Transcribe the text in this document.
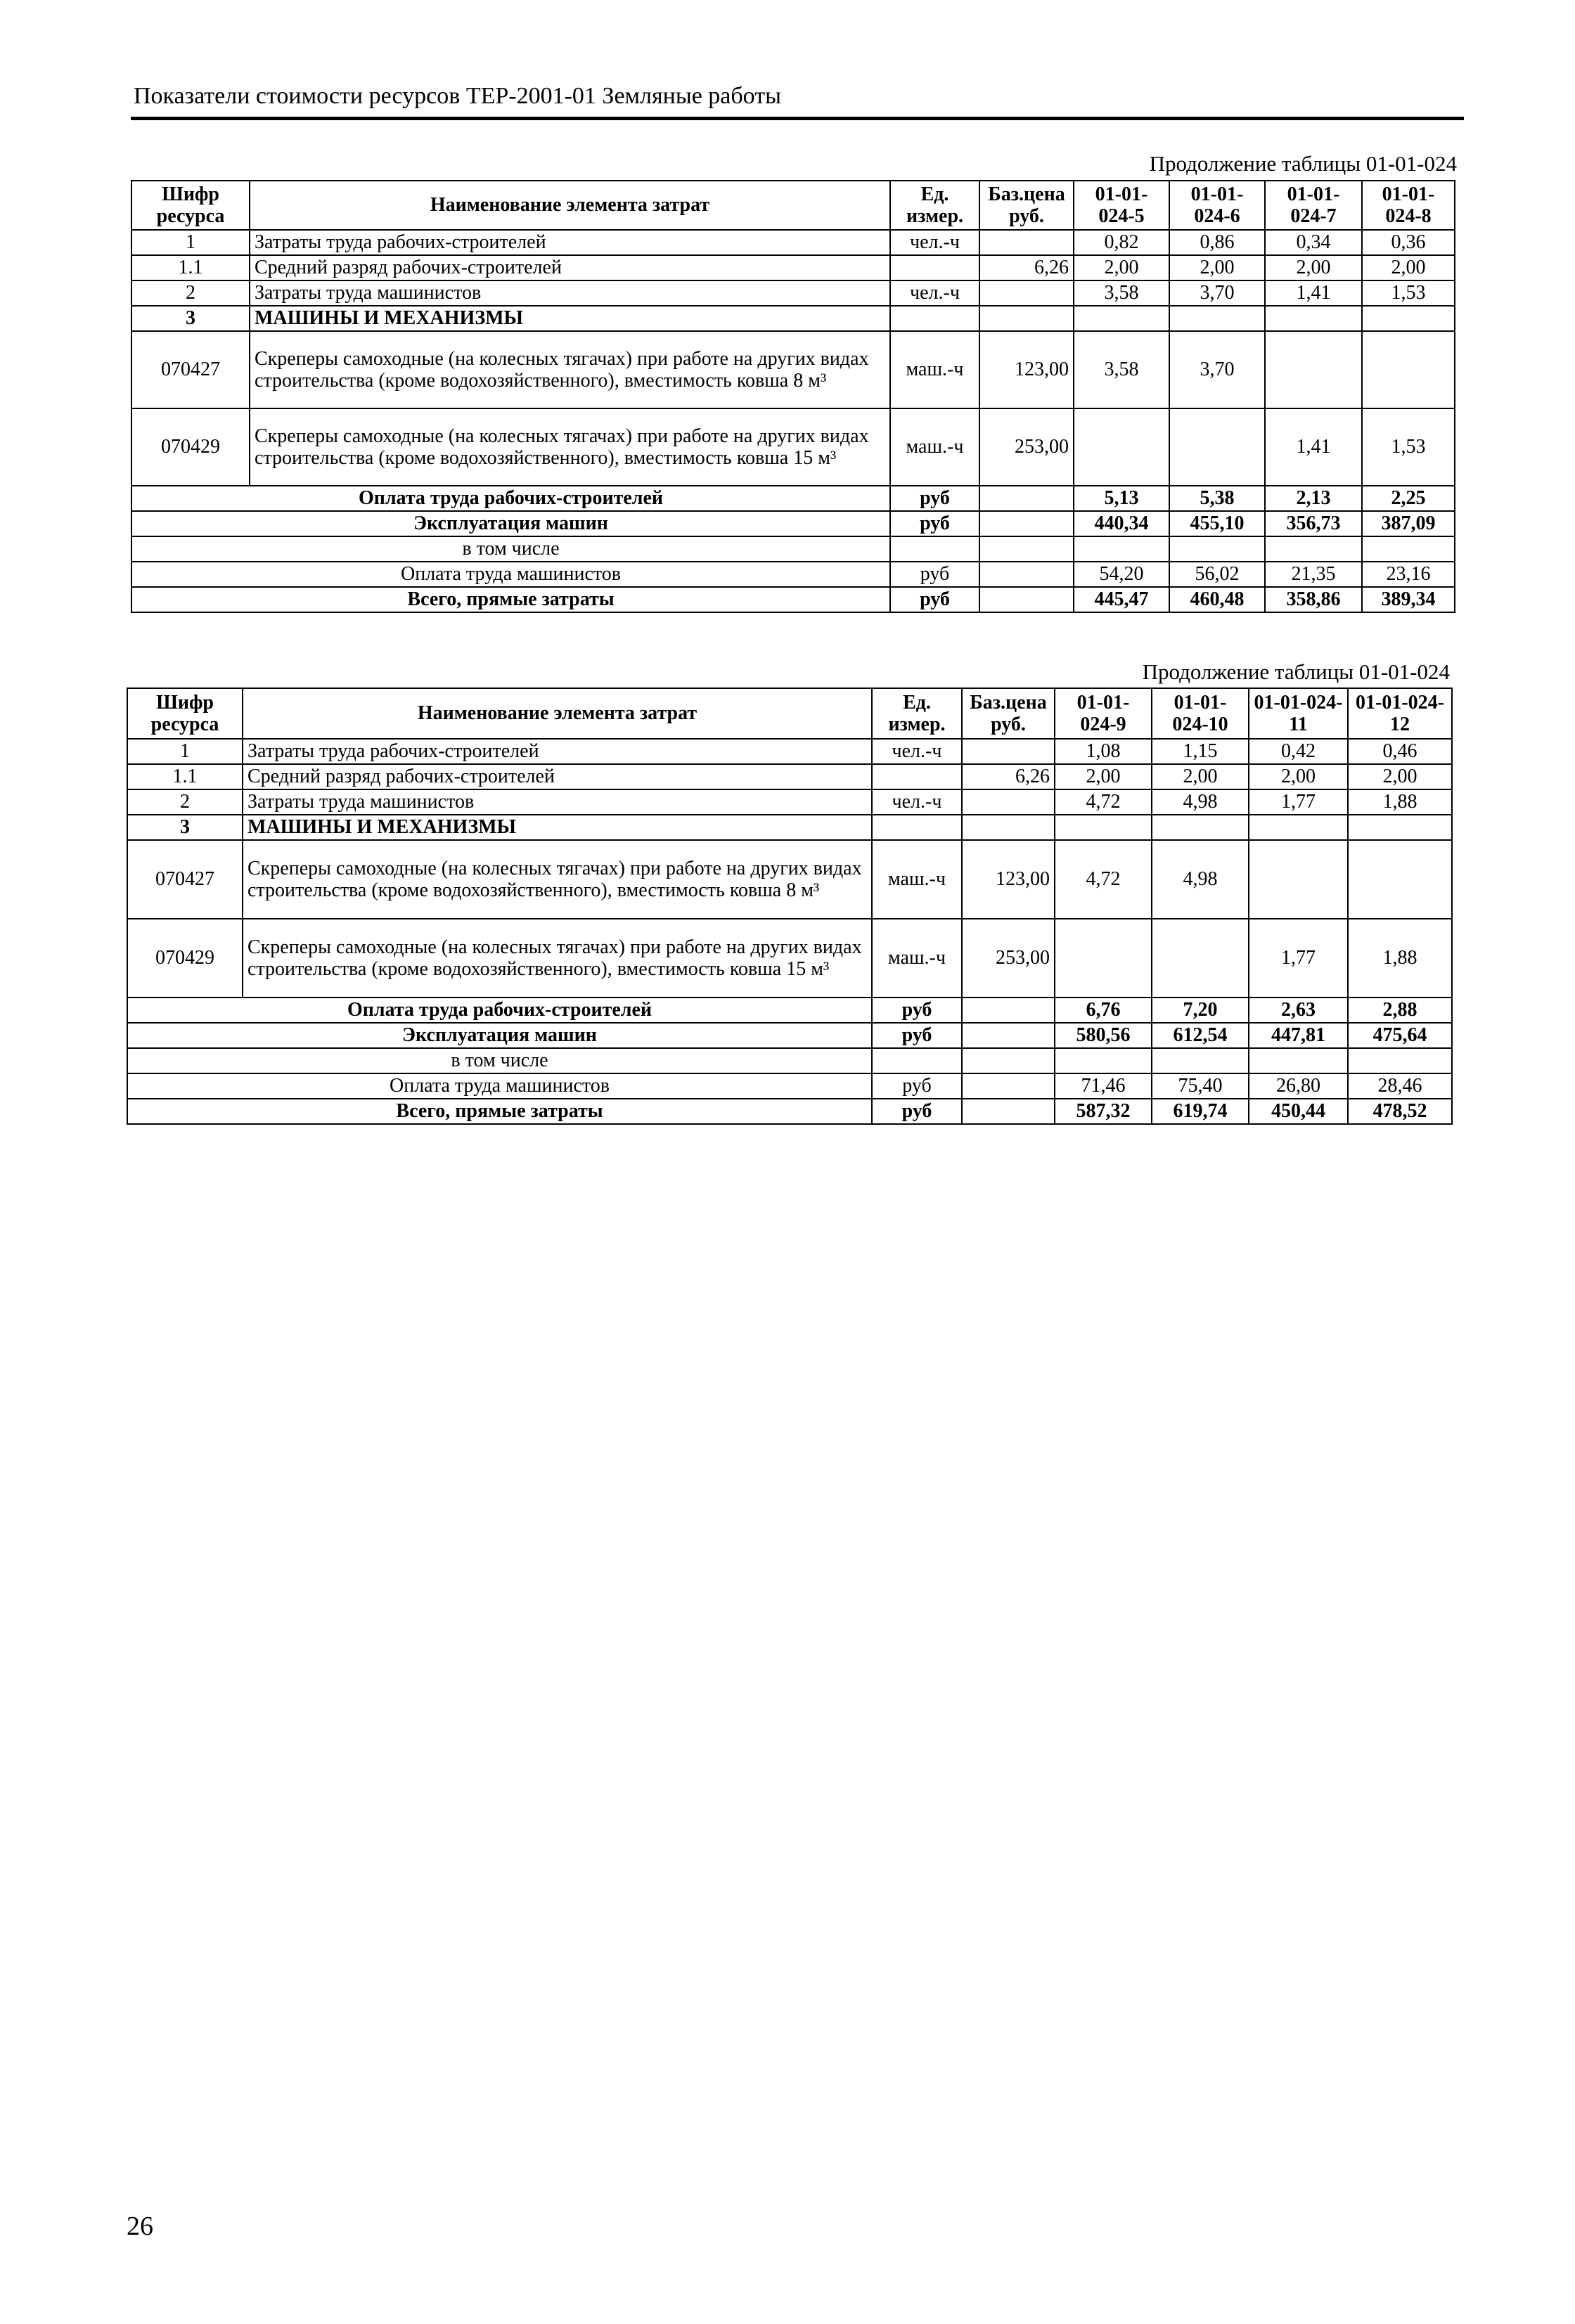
Показатели стоимости ресурсов ТЕР-2001-01 Земляные работы
Продолжение таблицы 01-01-024
Шифр ресурса	Наименование элемента затрат	Ед. измер.	Баз.цена руб.	01-01-024-5	01-01-024-6	01-01-024-7	01-01-024-8
1	Затраты труда рабочих-строителей	чел.-ч		0,82	0,86	0,34	0,36
1.1	Средний разряд рабочих-строителей		6,26	2,00	2,00	2,00	2,00
2	Затраты труда машинистов	чел.-ч		3,58	3,70	1,41	1,53
3	МАШИНЫ И МЕХАНИЗМЫ						
070427	Скреперы самоходные (на колесных тягачах) при работе на других видах строительства (кроме водохозяйственного), вместимость ковша 8 м³	маш.-ч	123,00	3,58	3,70		
070429	Скреперы самоходные (на колесных тягачах) при работе на других видах строительства (кроме водохозяйственного), вместимость ковша 15 м³	маш.-ч	253,00			1,41	1,53
Оплата труда рабочих-строителей		руб		5,13	5,38	2,13	2,25
Эксплуатация машин		руб		440,34	455,10	356,73	387,09
в том числе							
Оплата труда машинистов		руб		54,20	56,02	21,35	23,16
Всего, прямые затраты		руб		445,47	460,48	358,86	389,34
Продолжение таблицы 01-01-024
Шифр ресурса	Наименование элемента затрат	Ед. измер.	Баз.цена руб.	01-01-024-9	01-01-024-10	01-01-024-11	01-01-024-12
1	Затраты труда рабочих-строителей	чел.-ч		1,08	1,15	0,42	0,46
1.1	Средний разряд рабочих-строителей		6,26	2,00	2,00	2,00	2,00
2	Затраты труда машинистов	чел.-ч		4,72	4,98	1,77	1,88
3	МАШИНЫ И МЕХАНИЗМЫ						
070427	Скреперы самоходные (на колесных тягачах) при работе на других видах строительства (кроме водохозяйственного), вместимость ковша 8 м³	маш.-ч	123,00	4,72	4,98		
070429	Скреперы самоходные (на колесных тягачах) при работе на других видах строительства (кроме водохозяйственного), вместимость ковша 15 м³	маш.-ч	253,00			1,77	1,88
Оплата труда рабочих-строителей		руб		6,76	7,20	2,63	2,88
Эксплуатация машин		руб		580,56	612,54	447,81	475,64
в том числе							
Оплата труда машинистов		руб		71,46	75,40	26,80	28,46
Всего, прямые затраты		руб		587,32	619,74	450,44	478,52
26
